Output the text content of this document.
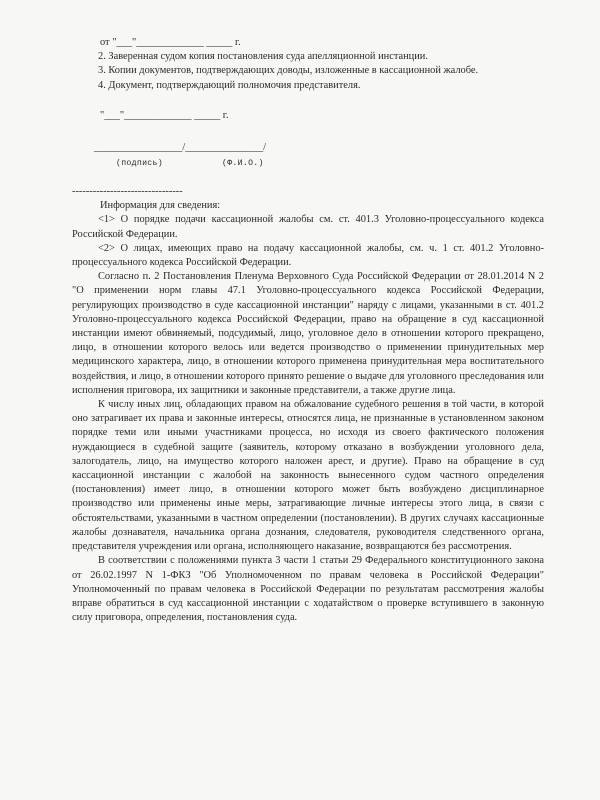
от "___"_____________ _____ г.
2. Заверенная судом копия постановления суда апелляционной инстанции.
3. Копии документов, подтверждающих доводы, изложенные в кассационной жалобе.
4. Документ, подтверждающий полномочия представителя.
"___"_____________ _____ г.
_________________/_______________/
(подпись)	(Ф.И.О.)
--------------------------------
Информация для сведения:
<1> О порядке подачи кассационной жалобы см. ст. 401.3 Уголовно-процессуального кодекса Российской Федерации.
<2> О лицах, имеющих право на подачу кассационной жалобы, см. ч. 1 ст. 401.2 Уголовно-процессуального кодекса Российской Федерации.
Согласно п. 2 Постановления Пленума Верховного Суда Российской Федерации от 28.01.2014 N 2 "О применении норм главы 47.1 Уголовно-процессуального кодекса Российской Федерации, регулирующих производство в суде кассационной инстанции" наряду с лицами, указанными в ст. 401.2 Уголовно-процессуального кодекса Российской Федерации, право на обращение в суд кассационной инстанции имеют обвиняемый, подсудимый, лицо, уголовное дело в отношении которого прекращено, лицо, в отношении которого велось или ведется производство о применении принудительных мер медицинского характера, лицо, в отношении которого применена принудительная мера воспитательного воздействия, и лицо, в отношении которого принято решение о выдаче для уголовного преследования или исполнения приговора, их защитники и законные представители, а также другие лица.
К числу иных лиц, обладающих правом на обжалование судебного решения в той части, в которой оно затрагивает их права и законные интересы, относятся лица, не признанные в установленном законом порядке теми или иными участниками процесса, но исходя из своего фактического положения нуждающиеся в судебной защите (заявитель, которому отказано в возбуждении уголовного дела, залогодатель, лицо, на имущество которого наложен арест, и другие). Право на обращение в суд кассационной инстанции с жалобой на законность вынесенного судом частного определения (постановления) имеет лицо, в отношении которого может быть возбуждено дисциплинарное производство или применены иные меры, затрагивающие личные интересы этого лица, в связи с обстоятельствами, указанными в частном определении (постановлении). В других случаях кассационные жалобы дознавателя, начальника органа дознания, следователя, руководителя следственного органа, представителя учреждения или органа, исполняющего наказание, возвращаются без рассмотрения.
В соответствии с положениями пункта 3 части 1 статьи 29 Федерального конституционного закона от 26.02.1997 N 1-ФКЗ "Об Уполномоченном по правам человека в Российской Федерации" Уполномоченный по правам человека в Российской Федерации по результатам рассмотрения жалобы вправе обратиться в суд кассационной инстанции с ходатайством о проверке вступившего в законную силу приговора, определения, постановления суда.
